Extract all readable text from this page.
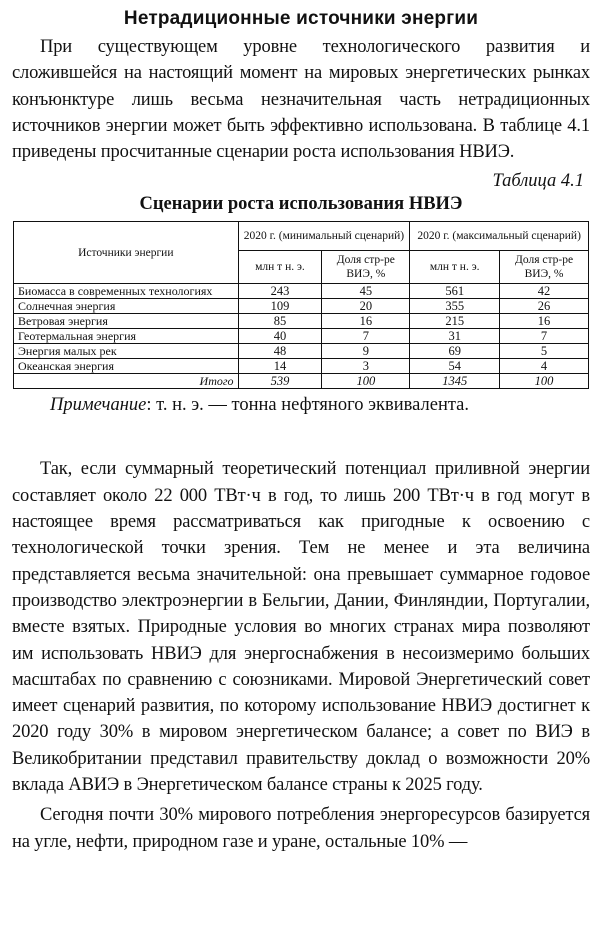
Нетрадиционные источники энергии

При существующем уровне технологического развития и сложившейся на настоящий момент на мировых энергетических рынках конъюнктуре лишь весьма незначительная часть нетрадиционных источников энергии может быть эффективно использована. В таблице 4.1 приведены просчитанные сценарии роста использования НВИЭ.

Таблица 4.1
Сценарии роста использования НВИЭ
Источники энергии	2020 г. (минимальный сценарий)		2020 г. (максимальный сценарий)	
	млн т н. э.	Доля стр-ре ВИЭ, %	млн т н. э.	Доля стр-ре ВИЭ, %
Биомасса в современных технологиях	243	45	561	42
Солнечная энергия	109	20	355	26
Ветровая энергия	85	16	215	16
Геотермальная энергия	40	7	31	7
Энергия малых рек	48	9	69	5
Океанская энергия	14	3	54	4
Итого	539	100	1345	100
Примечание: т. н. э. — тонна нефтяного эквивалента.

Так, если суммарный теоретический потенциал приливной энергии составляет около 22 000 ТВт·ч в год, то лишь 200 ТВт·ч в год могут в настоящее время рассматриваться как пригодные к освоению с технологической точки зрения. Тем не менее и эта величина представляется весьма значительной: она превышает суммарное годовое производство электроэнергии в Бельгии, Дании, Финляндии, Португалии, вместе взятых. Природные условия во многих странах мира позволяют им использовать НВИЭ для энергоснабжения в несоизмеримо больших масштабах по сравнению с союзниками. Мировой Энергетический совет имеет сценарий развития, по которому использование НВИЭ достигнет к 2020 году 30% в мировом энергетическом балансе; а совет по ВИЭ в Великобритании представил правительству доклад о возможности 20% вклада АВИЭ в Энергетическом балансе страны к 2025 году.

Сегодня почти 30% мирового потребления энергоресурсов базируется на угле, нефти, природном газе и уране, остальные 10% —
